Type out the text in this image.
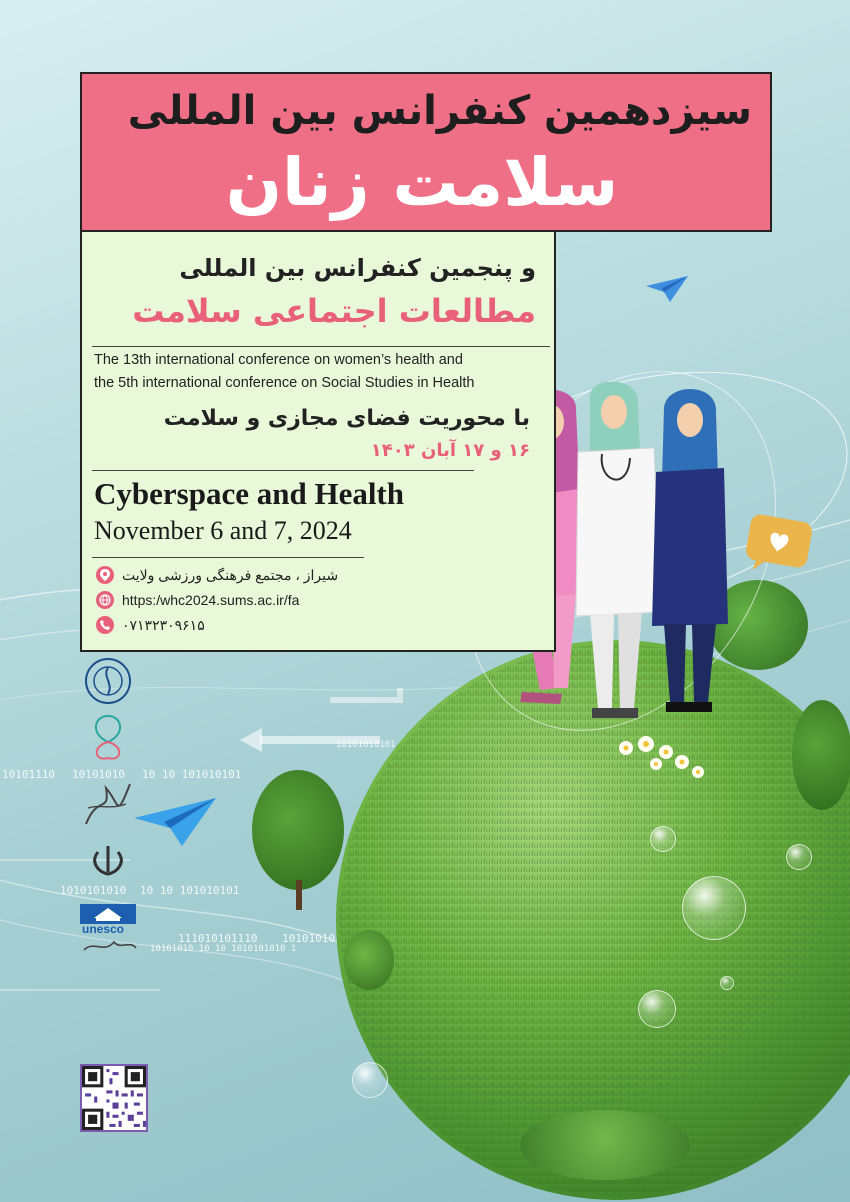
10101110 10101010 10 10 101010101
1010101010 10 10 101010101
111010101110 10101010
10101010 10 10 1010101010 1
10101010101
سیزدهمین کنفرانس بین المللی
سلامت زنان
و پنجمین کنفرانس بین المللی
مطالعات اجتماعی سلامت
The 13th international conference on women’s health and
the 5th international conference on Social Studies in Health
با محوریت فضای مجازی و سلامت
۱۶ و ۱۷ آبان ۱۴۰۳
Cyberspace and Health
November 6 and 7, 2024
شیراز ، مجتمع فرهنگی ورزشی ولایت
https:/whc2024.sums.ac.ir/fa
۰۷۱۳۲۳۰۹۶۱۵
unesco
